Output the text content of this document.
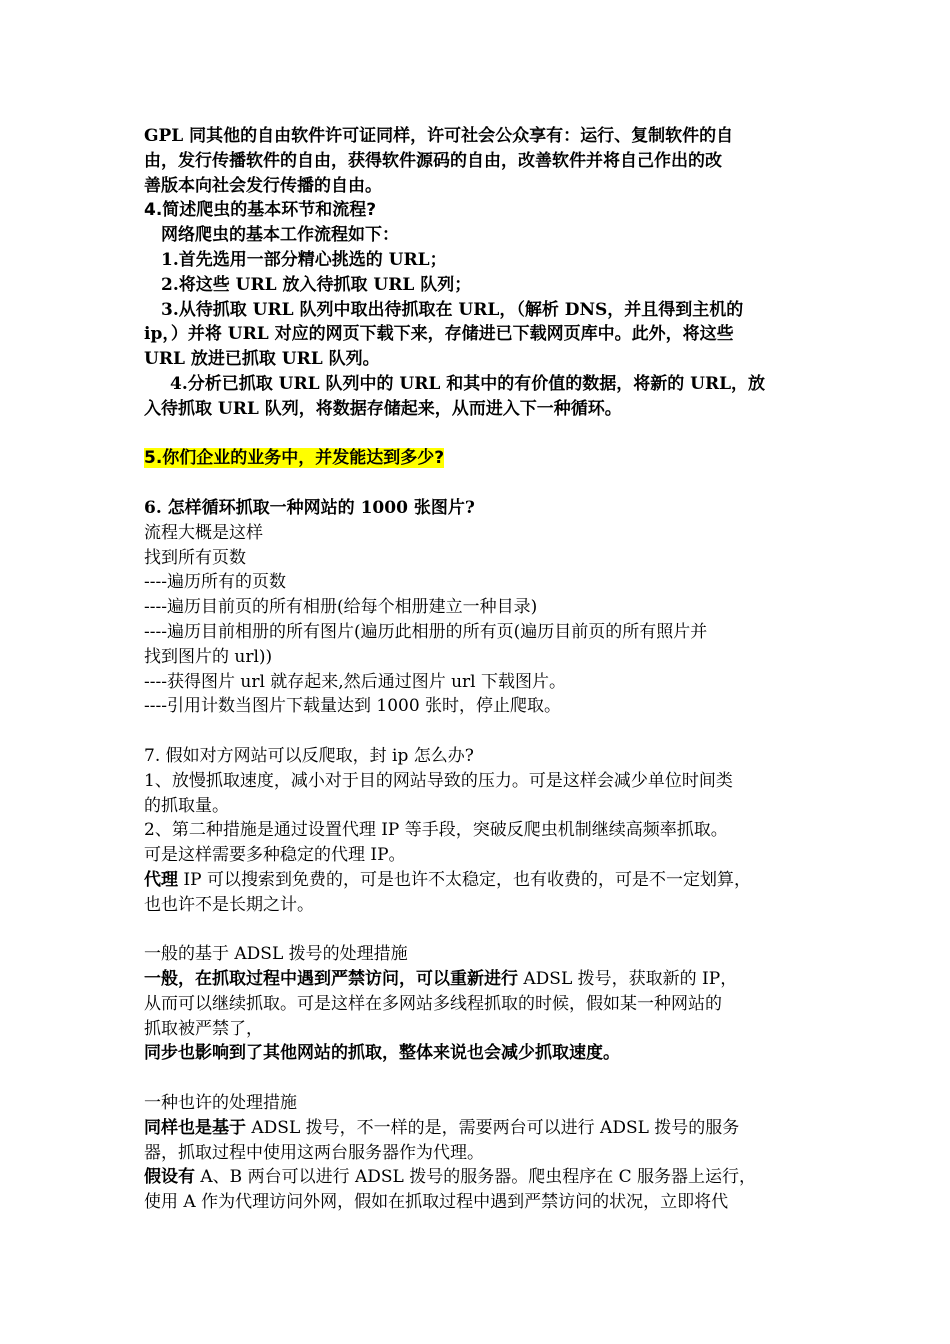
GPL 同其他的自由软件许可证同样，许可社会公众享有：运行、复制软件的自
由，发行传播软件的自由，获得软件源码的自由，改善软件并将自己作出的改
善版本向社会发行传播的自由。

4.简述爬虫的基本环节和流程?

网络爬虫的基本工作流程如下：

1.首先选用一部分精心挑选的 URL；

2.将这些 URL 放入待抓取 URL 队列；

3.从待抓取 URL 队列中取出待抓取在 URL，（解析 DNS，并且得到主机的
ip，）并将 URL 对应的网页下载下来，存储进已下载网页库中。此外，将这些
URL 放进已抓取 URL 队列。

4.分析已抓取 URL 队列中的 URL 和其中的有价值的数据，将新的 URL，放
入待抓取 URL 队列，将数据存储起来，从而进入下一种循环。

5.你们企业的业务中，并发能达到多少?

6. 怎样循环抓取一种网站的 1000 张图片?

流程大概是这样

找到所有页数

----遍历所有的页数

----遍历目前页的所有相册(给每个相册建立一种目录)

----遍历目前相册的所有图片(遍历此相册的所有页(遍历目前页的所有照片并
找到图片的 url))

----获得图片 url 就存起来,然后通过图片 url 下载图片。

----引用计数当图片下载量达到 1000 张时，停止爬取。

7. 假如对方网站可以反爬取，封 ip 怎么办?

1、放慢抓取速度，减小对于目的网站导致的压力。可是这样会减少单位时间类
的抓取量。

2、第二种措施是通过设置代理 IP 等手段，突破反爬虫机制继续高频率抓取。
可是这样需要多种稳定的代理 IP。

代理 IP 可以搜索到免费的，可是也许不太稳定，也有收费的，可是不一定划算，
也也许不是长期之计。

一般的基于 ADSL 拨号的处理措施

一般，在抓取过程中遇到严禁访问，可以重新进行 ADSL 拨号，获取新的 IP，
从而可以继续抓取。可是这样在多网站多线程抓取的时候，假如某一种网站的
抓取被严禁了，
同步也影响到了其他网站的抓取，整体来说也会减少抓取速度。

一种也许的处理措施

同样也是基于 ADSL 拨号，不一样的是，需要两台可以进行 ADSL 拨号的服务
器，抓取过程中使用这两台服务器作为代理。

假设有 A、B 两台可以进行 ADSL 拨号的服务器。爬虫程序在 C 服务器上运行，
使用 A 作为代理访问外网，假如在抓取过程中遇到严禁访问的状况，立即将代
